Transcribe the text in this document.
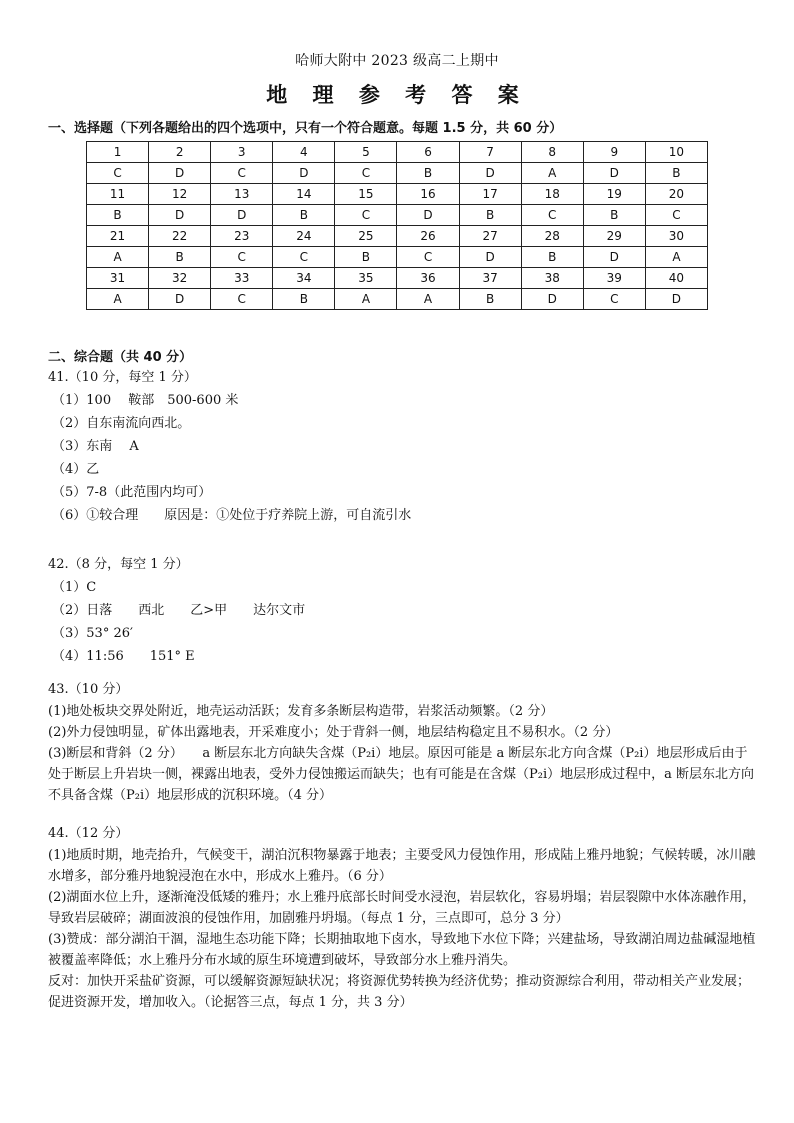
哈师大附中 2023 级高二上期中
地 理 参 考 答 案
一、选择题（下列各题给出的四个选项中，只有一个符合题意。每题 1.5 分，共 60 分）
1	2	3	4	5	6	7	8	9	10
C	D	C	D	C	B	D	A	D	B
11	12	13	14	15	16	17	18	19	20
B	D	D	B	C	D	B	C	B	C
21	22	23	24	25	26	27	28	29	30
A	B	C	C	B	C	D	B	D	A
31	32	33	34	35	36	37	38	39	40
A	D	C	B	A	A	B	D	C	D
二、综合题（共 40 分）
41.（10 分，每空 1 分）
（1）100　 鞍部　500-600 米
（2）自东南流向西北。
（3）东南　 A
（4）乙
（5）7-8（此范围内均可）
（6）①较合理　　原因是：①处位于疗养院上游，可自流引水
42.（8 分，每空 1 分）
（1）C
（2）日落　　西北　　乙>甲　　达尔文市
（3）53° 26′
（4）11:56　　151° E
43.（10 分）
(1)地处板块交界处附近，地壳运动活跃；发育多条断层构造带，岩浆活动频繁。（2 分）
(2)外力侵蚀明显，矿体出露地表，开采难度小；处于背斜一侧，地层结构稳定且不易积水。（2 分）
(3)断层和背斜（2 分）　　a 断层东北方向缺失含煤（P₂i）地层。原因可能是 a 断层东北方向含煤（P₂i）地层形成后由于处于断层上升岩块一侧，裸露出地表，受外力侵蚀搬运而缺失；也有可能是在含煤（P₂i）地层形成过程中，a 断层东北方向不具备含煤（P₂i）地层形成的沉积环境。（4 分）
44.（12 分）
(1)地质时期，地壳抬升，气候变干，湖泊沉积物暴露于地表；主要受风力侵蚀作用，形成陆上雅丹地貌；气候转暖，冰川融水增多，部分雅丹地貌浸泡在水中，形成水上雅丹。（6 分）
(2)湖面水位上升，逐渐淹没低矮的雅丹；水上雅丹底部长时间受水浸泡，岩层软化，容易坍塌；岩层裂隙中水体冻融作用，导致岩层破碎；湖面波浪的侵蚀作用，加剧雅丹坍塌。（每点 1 分，三点即可，总分 3 分）
(3)赞成：部分湖泊干涸，湿地生态功能下降；长期抽取地下卤水，导致地下水位下降；兴建盐场，导致湖泊周边盐碱湿地植被覆盖率降低；水上雅丹分布水域的原生环境遭到破坏，导致部分水上雅丹消失。
反对：加快开采盐矿资源，可以缓解资源短缺状况；将资源优势转换为经济优势；推动资源综合利用，带动相关产业发展；促进资源开发，增加收入。（论据答三点，每点 1 分，共 3 分）
